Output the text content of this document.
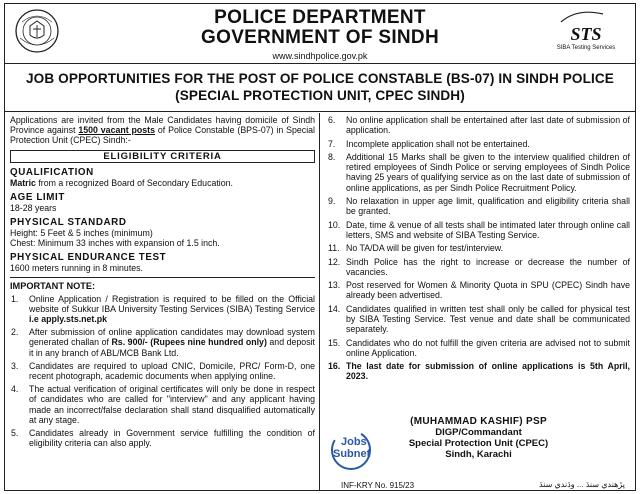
POLICE DEPARTMENT
GOVERNMENT OF SINDH
www.sindhpolice.gov.pk
STS
SIBA Testing Services
JOB OPPORTUNITIES FOR THE POST OF POLICE CONSTABLE (BS-07) IN SINDH POLICE
(SPECIAL PROTECTION UNIT, CPEC SINDH)
Applications are invited from the Male Candidates having domicile of Sindh Province against 1500 vacant posts of Police Constable (BPS-07) in Special Protection Unit (CPEC) Sindh:-
ELIGIBILITY CRITERIA
QUALIFICATION
Matric from a recognized Board of Secondary Education.
AGE LIMIT
18-28 years
PHYSICAL STANDARD
Height: 5 Feet & 5 inches (minimum)
Chest: Minimum 33 inches with expansion of 1.5 inch.
PHYSICAL ENDURANCE TEST
1600 meters running in 8 minutes.
IMPORTANT NOTE:
1.	Online Application / Registration is required to be filled on the Official website of Sukkur IBA University Testing Services (SIBA) Testing Service i.e apply.sts.net.pk
2.	After submission of online application candidates may download system generated challan of Rs. 900/- (Rupees nine hundred only) and deposit it in any branch of ABL/MCB Bank Ltd.
3.	Candidates are required to upload CNIC, Domicile, PRC/ Form-D, one recent photograph, academic documents when applying online.
4.	The actual verification of original certificates will only be done in respect of candidates who are called for "interview" and any applicant having made an incorrect/false declaration shall stand disqualified automatically at any stage.
5.	Candidates already in Government service fulfilling the condition of eligibility criteria can also apply.
6.	No online application shall be entertained after last date of submission of application.
7.	Incomplete application shall not be entertained.
8.	Additional 15 Marks shall be given to the interview qualified children of retired employees of Sindh Police or serving employees of Sindh Police having 25 years of qualifying service as on the last date of submission of online applications, as per Sindh Police Recruitment Policy.
9.	No relaxation in upper age limit, qualification and eligibility criteria shall be granted.
10. Date, time & venue of all tests shall be intimated later through online call letters, SMS and website of SIBA Testing Service.
11. No TA/DA will be given for test/interview.
12. Sindh Police has the right to increase or decrease the number of vacancies.
13. Post reserved for Women & Minority Quota in SPU (CPEC) Sindh have already been advertised.
14. Candidates qualified in written test shall only be called for physical test by SIBA Testing Service. Test venue and date shall be communicated separately.
15. Candidates who do not fulfill the given criteria are advised not to submit online Application.
16. The last date for submission of online applications is 5th April, 2023.
Jobs
Subnet
(MUHAMMAD KASHIF) PSP
DIGP/Commandant
Special Protection Unit (CPEC)
Sindh, Karachi
INF-KRY No. 915/23	پڙهندي سنڌ ... وڌندي سنڌ
